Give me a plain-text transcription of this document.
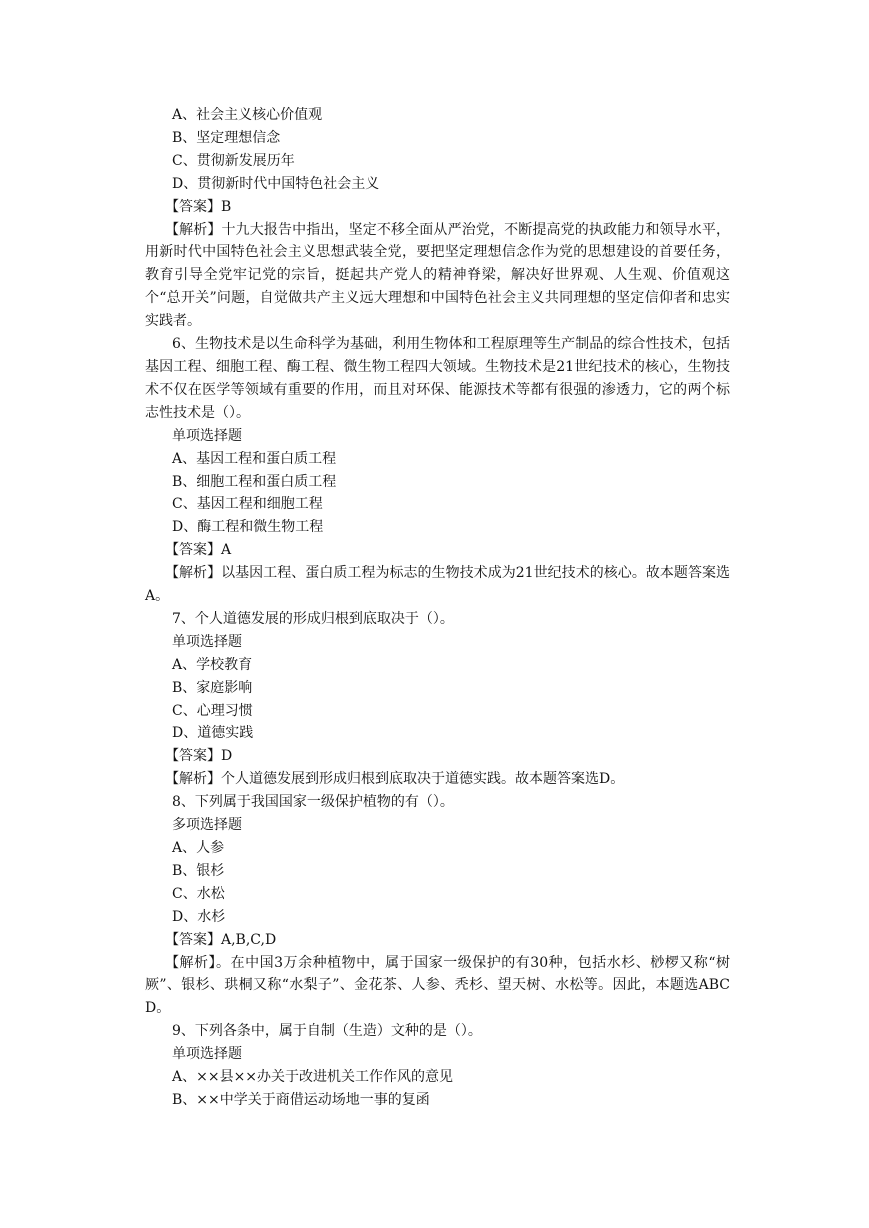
A、社会主义核心价值观
B、坚定理想信念
C、贯彻新发展历年
D、贯彻新时代中国特色社会主义
【答案】B

【解析】十九大报告中指出，坚定不移全面从严治党，不断提高党的执政能力和领导水平，用新时代中国特色社会主义思想武装全党，要把坚定理想信念作为党的思想建设的首要任务，教育引导全党牢记党的宗旨，挺起共产党人的精神脊梁，解决好世界观、人生观、价值观这个“总开关”问题，自觉做共产主义远大理想和中国特色社会主义共同理想的坚定信仰者和忠实实践者。

6、生物技术是以生命科学为基础，利用生物体和工程原理等生产制品的综合性技术，包括基因工程、细胞工程、酶工程、微生物工程四大领域。生物技术是21世纪技术的核心，生物技术不仅在医学等领域有重要的作用，而且对环保、能源技术等都有很强的渗透力，它的两个标志性技术是（）。

单项选择题
A、基因工程和蛋白质工程
B、细胞工程和蛋白质工程
C、基因工程和细胞工程
D、酶工程和微生物工程
【答案】A

【解析】以基因工程、蛋白质工程为标志的生物技术成为21世纪技术的核心。故本题答案选A。

7、个人道德发展的形成归根到底取决于（）。
单项选择题
A、学校教育
B、家庭影响
C、心理习惯
D、道德实践
【答案】D
【解析】个人道德发展到形成归根到底取决于道德实践。故本题答案选D。
8、下列属于我国国家一级保护植物的有（）。
多项选择题
A、人参
B、银杉
C、水松
D、水杉
【答案】A,B,C,D

【解析】。在中国3万余种植物中，属于国家一级保护的有30种，包括水杉、桫椤又称“树厥”、银杉、珙桐又称“水梨子”、金花茶、人参、秃杉、望天树、水松等。因此，本题选ABCD。

9、下列各条中，属于自制（生造）文种的是（）。
单项选择题
A、××县××办关于改进机关工作作风的意见
B、××中学关于商借运动场地一事的复函
